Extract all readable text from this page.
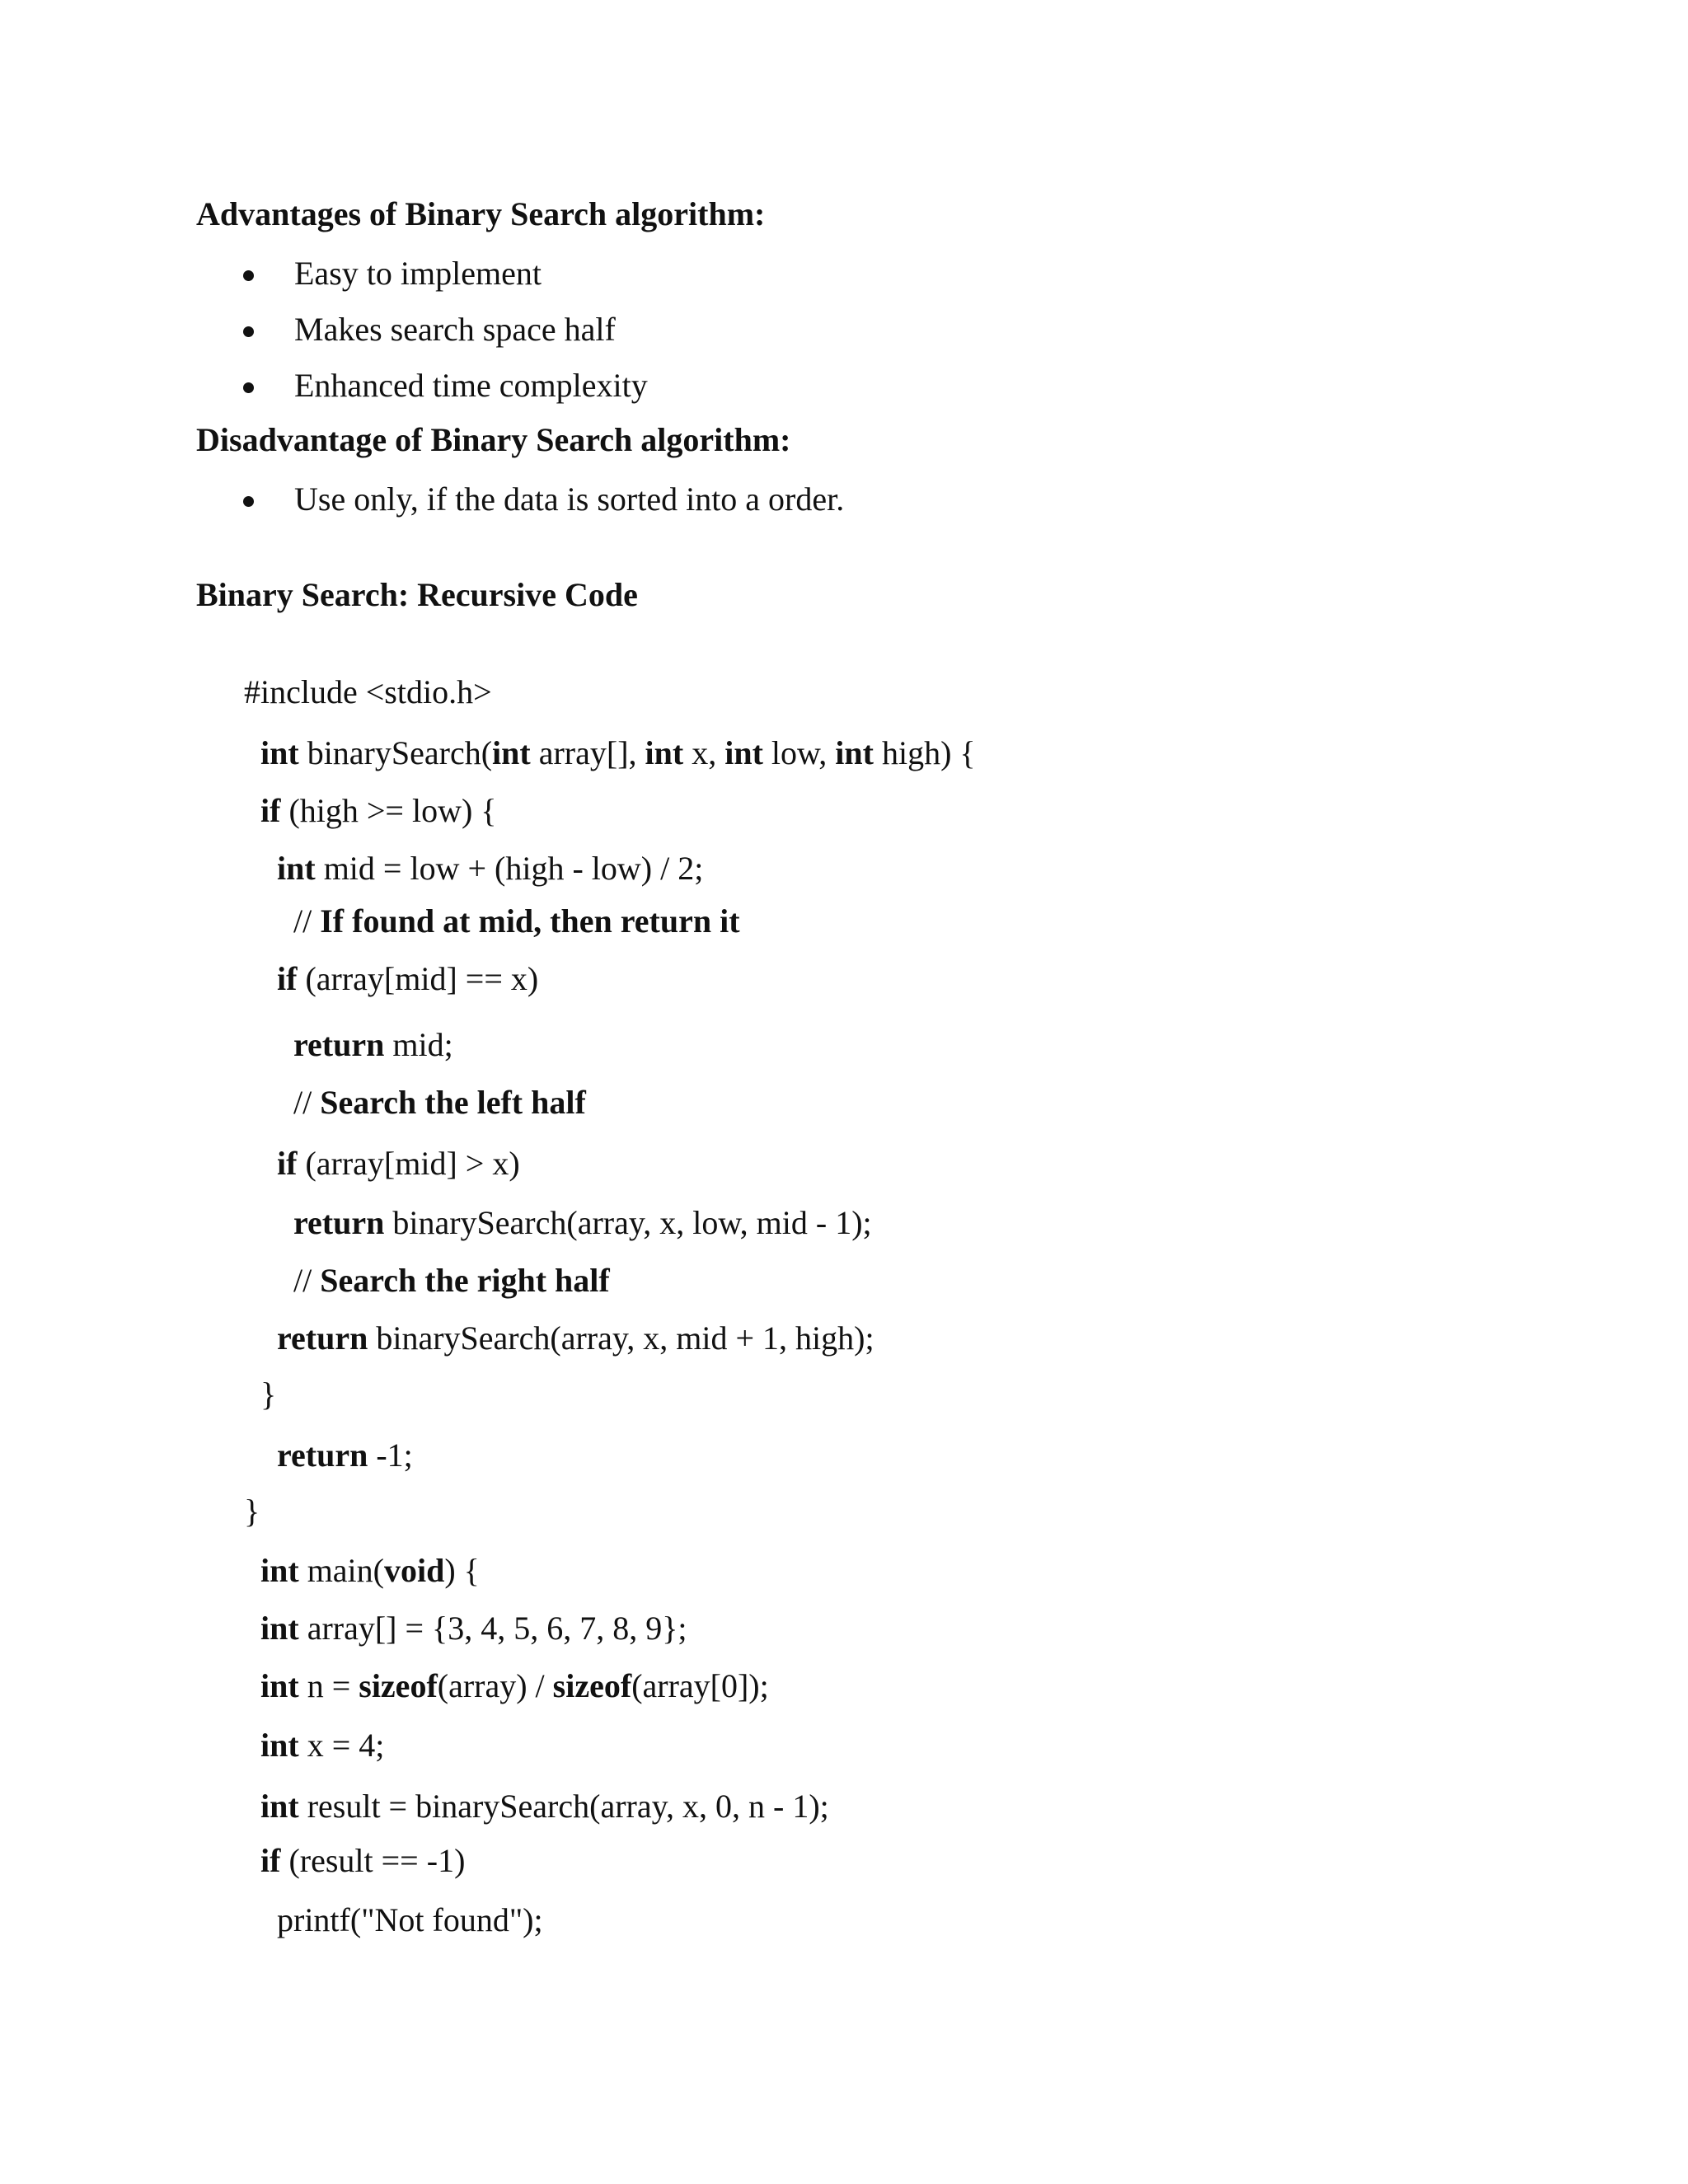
Advantages of Binary Search algorithm:
Easy to implement
Makes search space half
Enhanced time complexity
Disadvantage of Binary Search algorithm:
Use only, if the data is sorted into a order.
Binary Search: Recursive Code
#include <stdio.h>
int binarySearch(int array[], int x, int low, int high) {
if (high >= low) {
int mid = low + (high - low) / 2;
// If found at mid, then return it
if (array[mid] == x)
return mid;
// Search the left half
if (array[mid] > x)
return binarySearch(array, x, low, mid - 1);
// Search the right half
return binarySearch(array, x, mid + 1, high);
}
return -1;
}
int main(void) {
int array[] = {3, 4, 5, 6, 7, 8, 9};
int n = sizeof(array) / sizeof(array[0]);
int x = 4;
int result = binarySearch(array, x, 0, n - 1);
if (result == -1)
printf("Not found");
